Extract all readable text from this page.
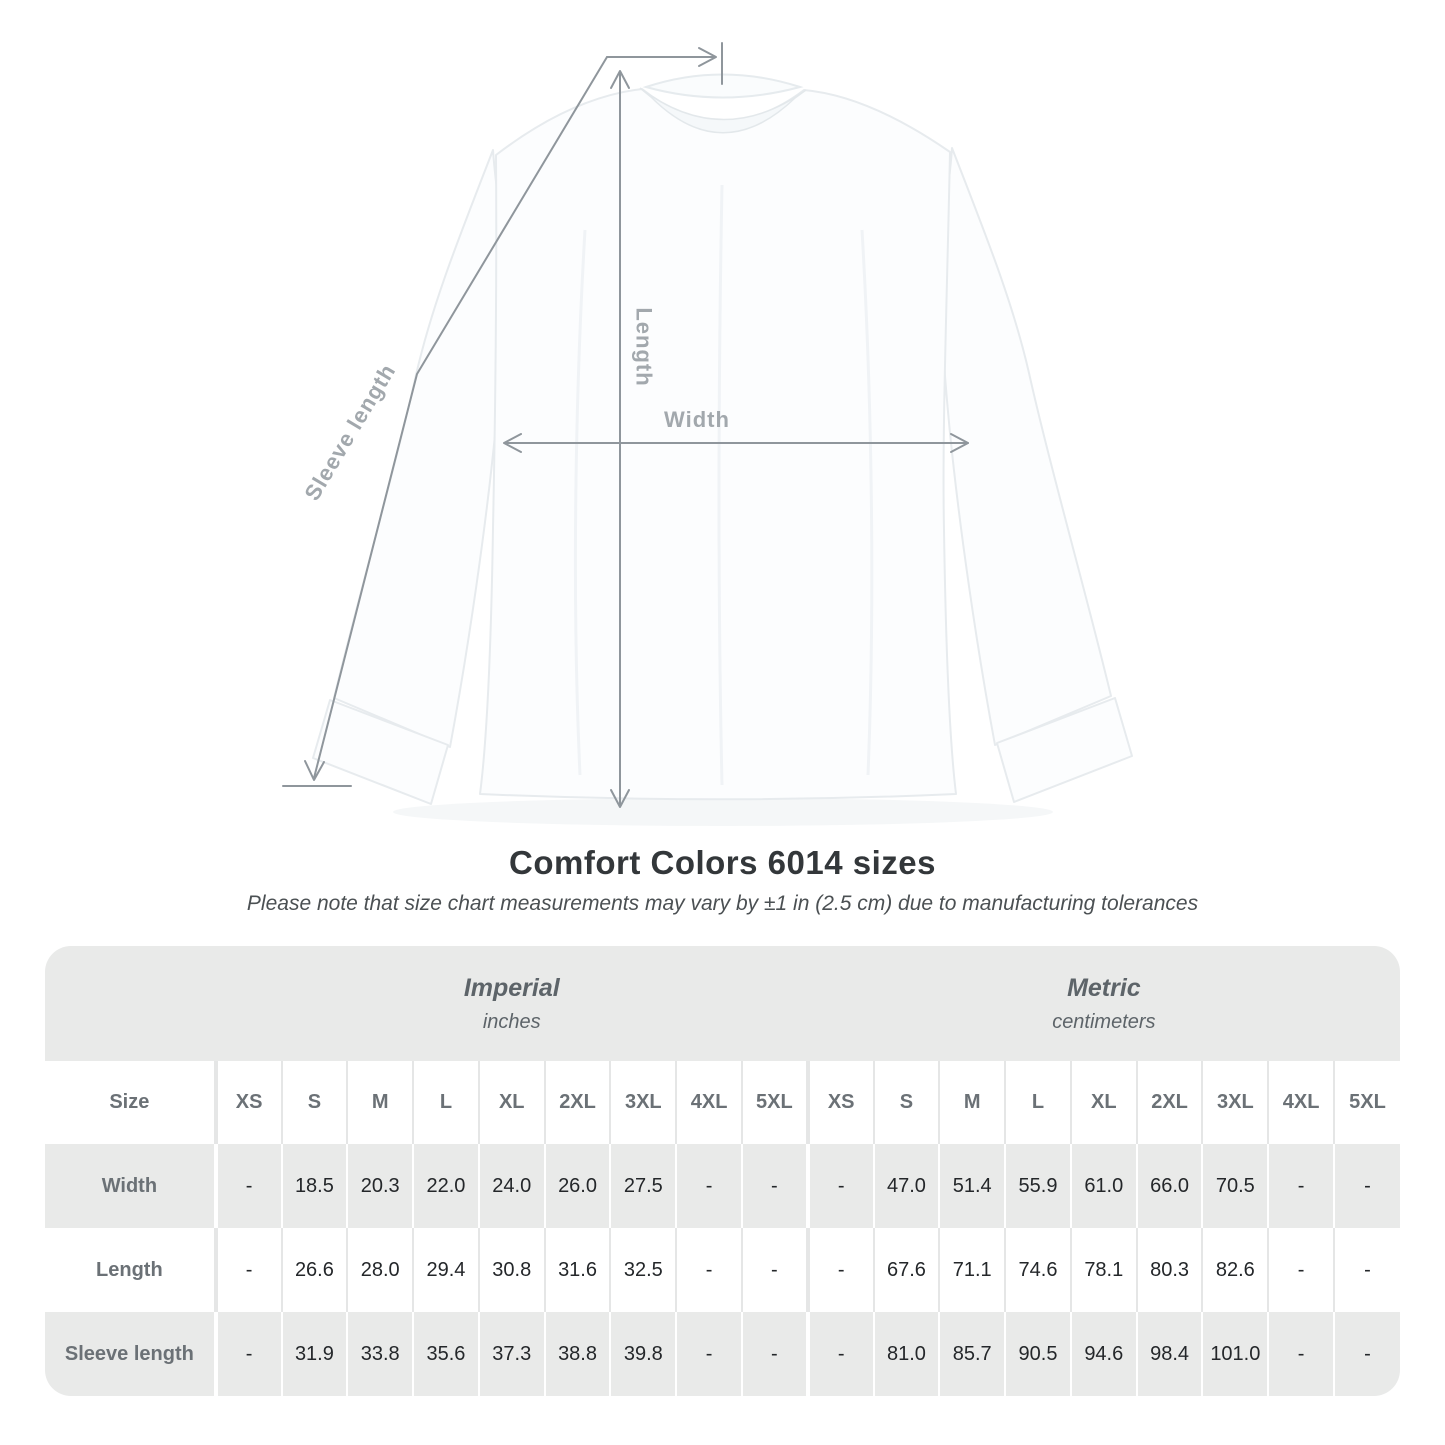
Sleeve length
Length
Width
Comfort Colors 6014 sizes

Please note that size chart measurements may vary by ±1 in (2.5 cm) due to manufacturing tolerances

Imperial
inches

Metric
centimeters

Size	XS	S	M	L	XL	2XL	3XL	4XL	5XL	XS	S	M	L	XL	2XL	3XL	4XL	5XL
Width	-	18.5	20.3	22.0	24.0	26.0	27.5	-	-	-	47.0	51.4	55.9	61.0	66.0	70.5	-	-
Length	-	26.6	28.0	29.4	30.8	31.6	32.5	-	-	-	67.6	71.1	74.6	78.1	80.3	82.6	-	-
Sleeve length	-	31.9	33.8	35.6	37.3	38.8	39.8	-	-	-	81.0	85.7	90.5	94.6	98.4	101.0	-	-
